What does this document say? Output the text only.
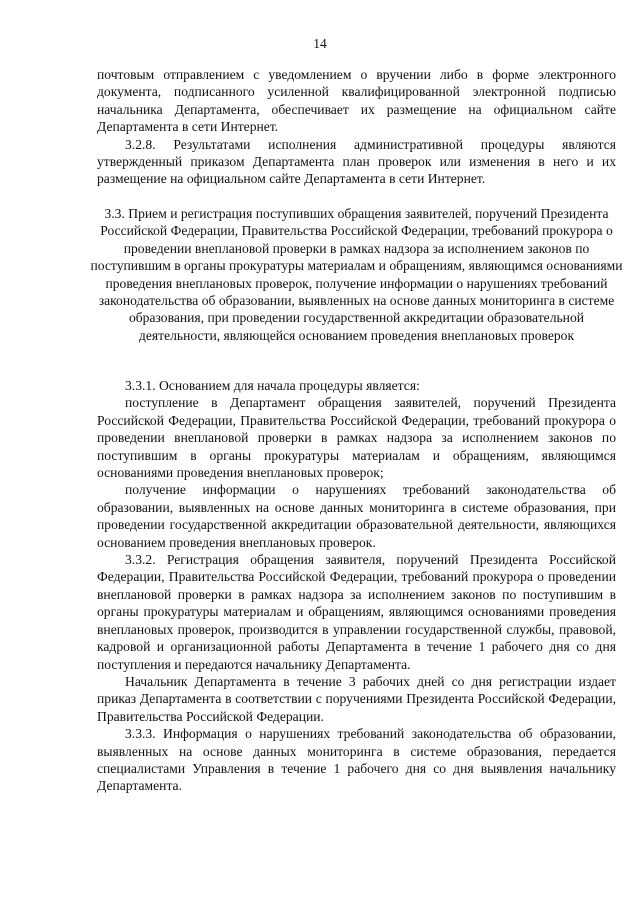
14

почтовым отправлением с уведомлением о вручении либо в форме электронного документа, подписанного усиленной квалифицированной электронной подписью начальника Департамента, обеспечивает их размещение на официальном сайте Департамента в сети Интернет.

3.2.8. Результатами исполнения административной процедуры являются утвержденный приказом Департамента план проверок или изменения в него и их размещение на официальном сайте Департамента в сети Интернет.

3.3. Прием и регистрация поступивших обращения заявителей, поручений Президента Российской Федерации, Правительства Российской Федерации, требований прокурора о проведении внеплановой проверки в рамках надзора за исполнением законов по поступившим в органы прокуратуры материалам и обращениям, являющимся основаниями проведения внеплановых проверок, получение информации о нарушениях требований законодательства об образовании, выявленных на основе данных мониторинга в системе образования, при проведении государственной аккредитации образовательной деятельности, являющейся основанием проведения внеплановых проверок

3.3.1. Основанием для начала процедуры является:

поступление в Департамент обращения заявителей, поручений Президента Российской Федерации, Правительства Российской Федерации, требований прокурора о проведении внеплановой проверки в рамках надзора за исполнением законов по поступившим в органы прокуратуры материалам и обращениям, являющимся основаниями проведения внеплановых проверок;

получение информации о нарушениях требований законодательства об образовании, выявленных на основе данных мониторинга в системе образования, при проведении государственной аккредитации образовательной деятельности, являющихся основанием проведения внеплановых проверок.

3.3.2. Регистрация обращения заявителя, поручений Президента Российской Федерации, Правительства Российской Федерации, требований прокурора о проведении внеплановой проверки в рамках надзора за исполнением законов по поступившим в органы прокуратуры материалам и обращениям, являющимся основаниями проведения внеплановых проверок, производится в управлении государственной службы, правовой, кадровой и организационной работы Департамента в течение 1 рабочего дня со дня поступления и передаются начальнику Департамента.

Начальник Департамента в течение 3 рабочих дней со дня регистрации издает приказ Департамента в соответствии с поручениями Президента Российской Федерации, Правительства Российской Федерации.

3.3.3. Информация о нарушениях требований законодательства об образовании, выявленных на основе данных мониторинга в системе образования, передается специалистами Управления в течение 1 рабочего дня со дня выявления начальнику Департамента.
